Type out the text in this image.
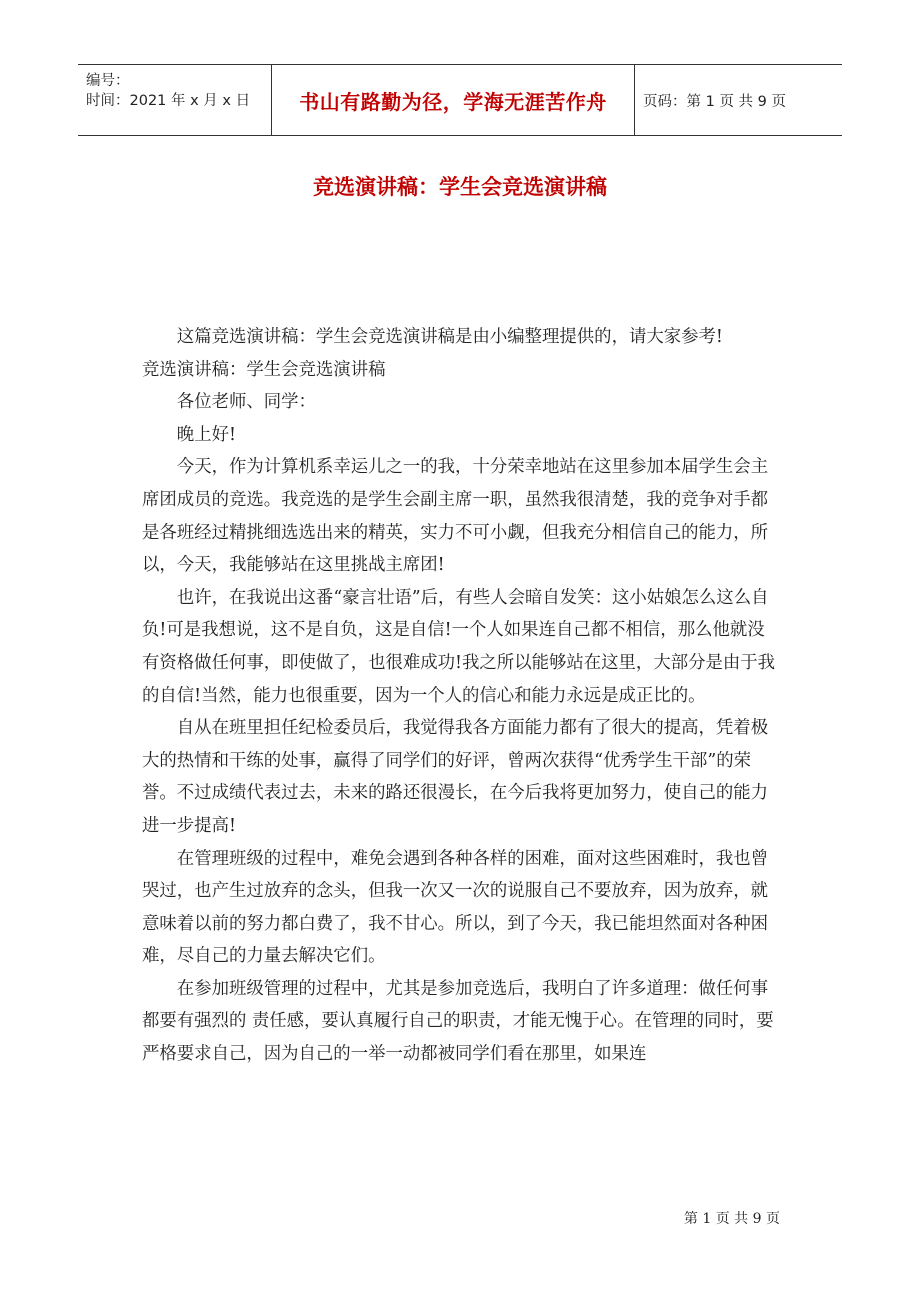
编号：
时间：2021 年 x 月 x 日	书山有路勤为径，学海无涯苦作舟	页码：第 1 页 共 9 页
竞选演讲稿：学生会竞选演讲稿

这篇竞选演讲稿：学生会竞选演讲稿是由小编整理提供的，请大家参考!

竞选演讲稿：学生会竞选演讲稿

各位老师、同学：

晚上好!

今天，作为计算机系幸运儿之一的我，十分荣幸地站在这里参加本届学生会主席团成员的竞选。我竞选的是学生会副主席一职，虽然我很清楚，我的竞争对手都是各班经过精挑细选选出来的精英，实力不可小觑，但我充分相信自己的能力，所以，今天，我能够站在这里挑战主席团!

也许，在我说出这番“豪言壮语”后，有些人会暗自发笑：这小姑娘怎么这么自负!可是我想说，这不是自负，这是自信!一个人如果连自己都不相信，那么他就没有资格做任何事，即使做了，也很难成功!我之所以能够站在这里，大部分是由于我的自信!当然，能力也很重要，因为一个人的信心和能力永远是成正比的。

自从在班里担任纪检委员后，我觉得我各方面能力都有了很大的提高，凭着极大的热情和干练的处事，赢得了同学们的好评，曾两次获得“优秀学生干部”的荣誉。不过成绩代表过去，未来的路还很漫长，在今后我将更加努力，使自己的能力进一步提高!

在管理班级的过程中，难免会遇到各种各样的困难，面对这些困难时，我也曾哭过，也产生过放弃的念头，但我一次又一次的说服自己不要放弃，因为放弃，就意味着以前的努力都白费了，我不甘心。所以，到了今天，我已能坦然面对各种困难，尽自己的力量去解决它们。

在参加班级管理的过程中，尤其是参加竞选后，我明白了许多道理：做任何事都要有强烈的 责任感，要认真履行自己的职责，才能无愧于心。在管理的同时，要严格要求自己，因为自己的一举一动都被同学们看在那里，如果连

第 1 页 共 9 页
